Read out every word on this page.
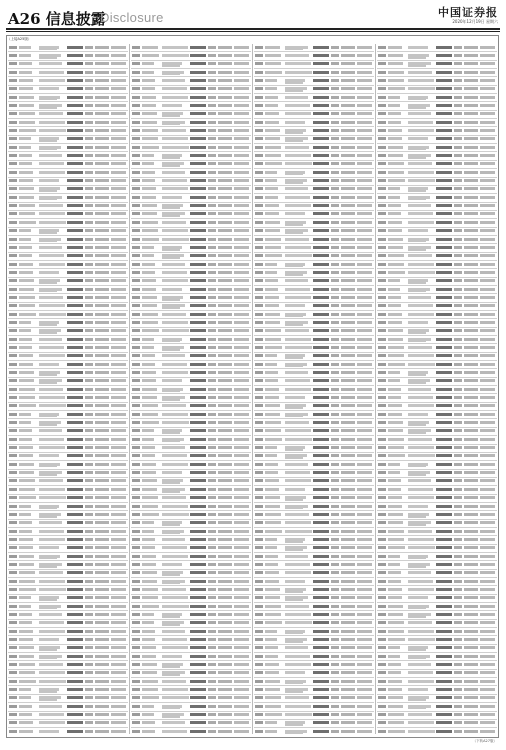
A26 信息披露
Disclosure	中国证券报
2020年12月19日 星期六
（上接A25版）
（下转A27版）
